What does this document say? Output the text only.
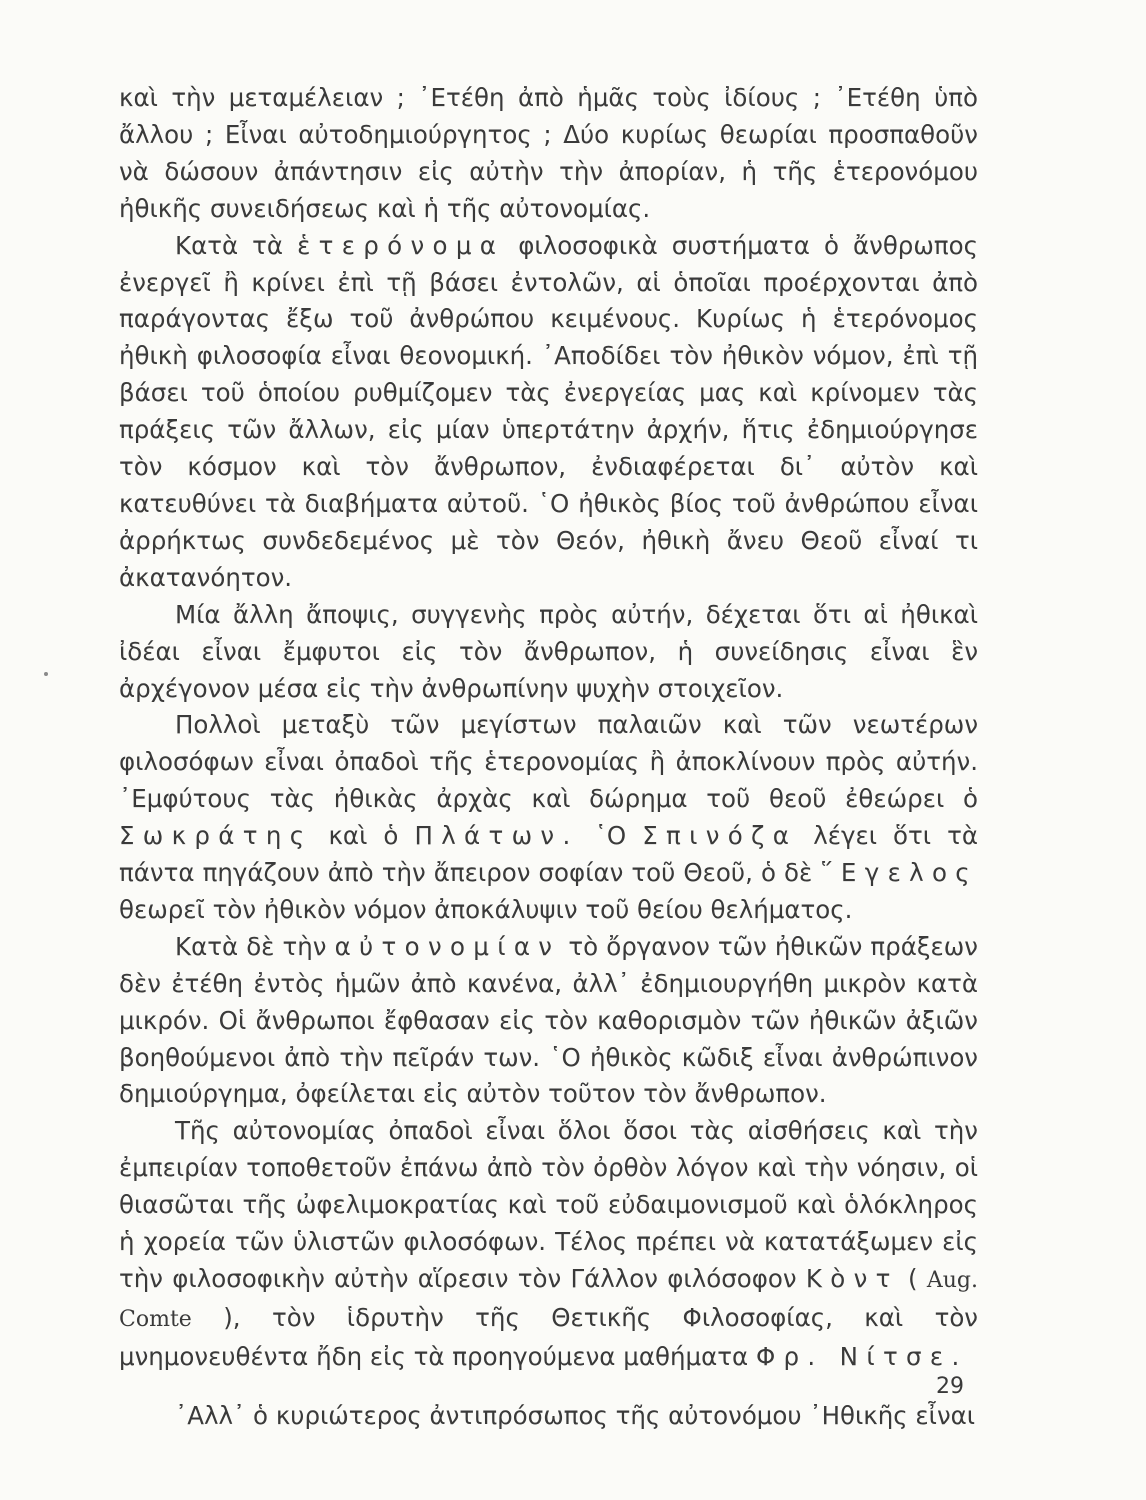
καὶ τὴν μεταμέλειαν ; ᾿Ετέθη ἀπὸ ἡμᾶς τοὺς ἰδίους ; ᾿Ετέθη ὑπὸ ἄλλου ; Εἶναι αὐτοδημιούργητος ; Δύο κυρίως θεωρίαι προσπαθοῦν νὰ δώσουν ἀπάντησιν εἰς αὐτὴν τὴν ἀπορίαν, ἡ τῆς ἑτερονόμου ἠθικῆς συνειδήσεως καὶ ἡ τῆς αὐτονομίας.

Κατὰ τὰ ἑτερόνομα φιλοσοφικὰ συστήματα ὁ ἄνθρωπος ἐνεργεῖ ἢ κρίνει ἐπὶ τῇ βάσει ἐντολῶν, αἱ ὁποῖαι προέρχονται ἀπὸ παράγοντας ἔξω τοῦ ἀνθρώπου κειμένους. Κυρίως ἡ ἑτερόνομος ἠθικὴ φιλοσοφία εἶναι θεονομική. ᾿Αποδίδει τὸν ἠθικὸν νόμον, ἐπὶ τῇ βάσει τοῦ ὁποίου ρυθμίζομεν τὰς ἐνεργείας μας καὶ κρίνομεν τὰς πράξεις τῶν ἄλλων, εἰς μίαν ὑπερτάτην ἀρχήν, ἥτις ἐδημιούργησε τὸν κόσμον καὶ τὸν ἄνθρωπον, ἐνδιαφέρεται δι᾿ αὐτὸν καὶ κατευθύνει τὰ διαβήματα αὐτοῦ. ῾Ο ἠθικὸς βίος τοῦ ἀνθρώπου εἶναι ἀρρήκτως συνδεδεμένος μὲ τὸν Θεόν, ἠθικὴ ἄνευ Θεοῦ εἶναί τι ἀκατανόητον.

Μία ἄλλη ἄποψις, συγγενὴς πρὸς αὐτήν, δέχεται ὅτι αἱ ἠθικαὶ ἰδέαι εἶναι ἔμφυτοι εἰς τὸν ἄνθρωπον, ἡ συνείδησις εἶναι ἓν ἀρχέγονον μέσα εἰς τὴν ἀνθρωπίνην ψυχὴν στοιχεῖον.

Πολλοὶ μεταξὺ τῶν μεγίστων παλαιῶν καὶ τῶν νεωτέρων φιλοσόφων εἶναι ὀπαδοὶ τῆς ἑτερονομίας ἢ ἀποκλίνουν πρὸς αὐτήν. ᾿Εμφύτους τὰς ἠθικὰς ἀρχὰς καὶ δώρημα τοῦ θεοῦ ἐθεώρει ὁ Σωκράτης καὶ ὁ Πλάτων. ῾Ο Σπινόζα λέγει ὅτι τὰ πάντα πηγάζουν ἀπὸ τὴν ἄπειρον σοφίαν τοῦ Θεοῦ, ὁ δὲ ῞Εγελος θεωρεῖ τὸν ἠθικὸν νόμον ἀποκάλυψιν τοῦ θείου θελήματος.

Κατὰ δὲ τὴν αὐτονομίαν τὸ ὄργανον τῶν ἠθικῶν πράξεων δὲν ἐτέθη ἐντὸς ἡμῶν ἀπὸ κανένα, ἀλλ᾿ ἐδημιουργήθη μικρὸν κατὰ μικρόν. Οἱ ἄνθρωποι ἔφθασαν εἰς τὸν καθορισμὸν τῶν ἠθικῶν ἀξιῶν βοηθούμενοι ἀπὸ τὴν πεῖράν των. ῾Ο ἠθικὸς κῶδιξ εἶναι ἀνθρώπινον δημιούργημα, ὀφείλεται εἰς αὐτὸν τοῦτον τὸν ἄνθρωπον.

Τῆς αὐτονομίας ὀπαδοὶ εἶναι ὅλοι ὅσοι τὰς αἰσθήσεις καὶ τὴν ἐμπειρίαν τοποθετοῦν ἐπάνω ἀπὸ τὸν ὀρθὸν λόγον καὶ τὴν νόησιν, οἱ θιασῶται τῆς ὠφελιμοκρατίας καὶ τοῦ εὐδαιμονισμοῦ καὶ ὁλόκληρος ἡ χορεία τῶν ὑλιστῶν φιλοσόφων. Τέλος πρέπει νὰ κατατάξωμεν εἰς τὴν φιλοσοφικὴν αὐτὴν αἵρεσιν τὸν Γάλλον φιλόσοφον Κὸντ ( Aug. Comte ), τὸν ἱδρυτὴν τῆς Θετικῆς Φιλοσοφίας, καὶ τὸν μνημονευθέντα ἤδη εἰς τὰ προηγούμενα μαθήματα Φρ. Νίτσε.

᾿Αλλ᾿ ὁ κυριώτερος ἀντιπρόσωπος τῆς αὐτονόμου ᾿Ηθικῆς εἶναι

29
